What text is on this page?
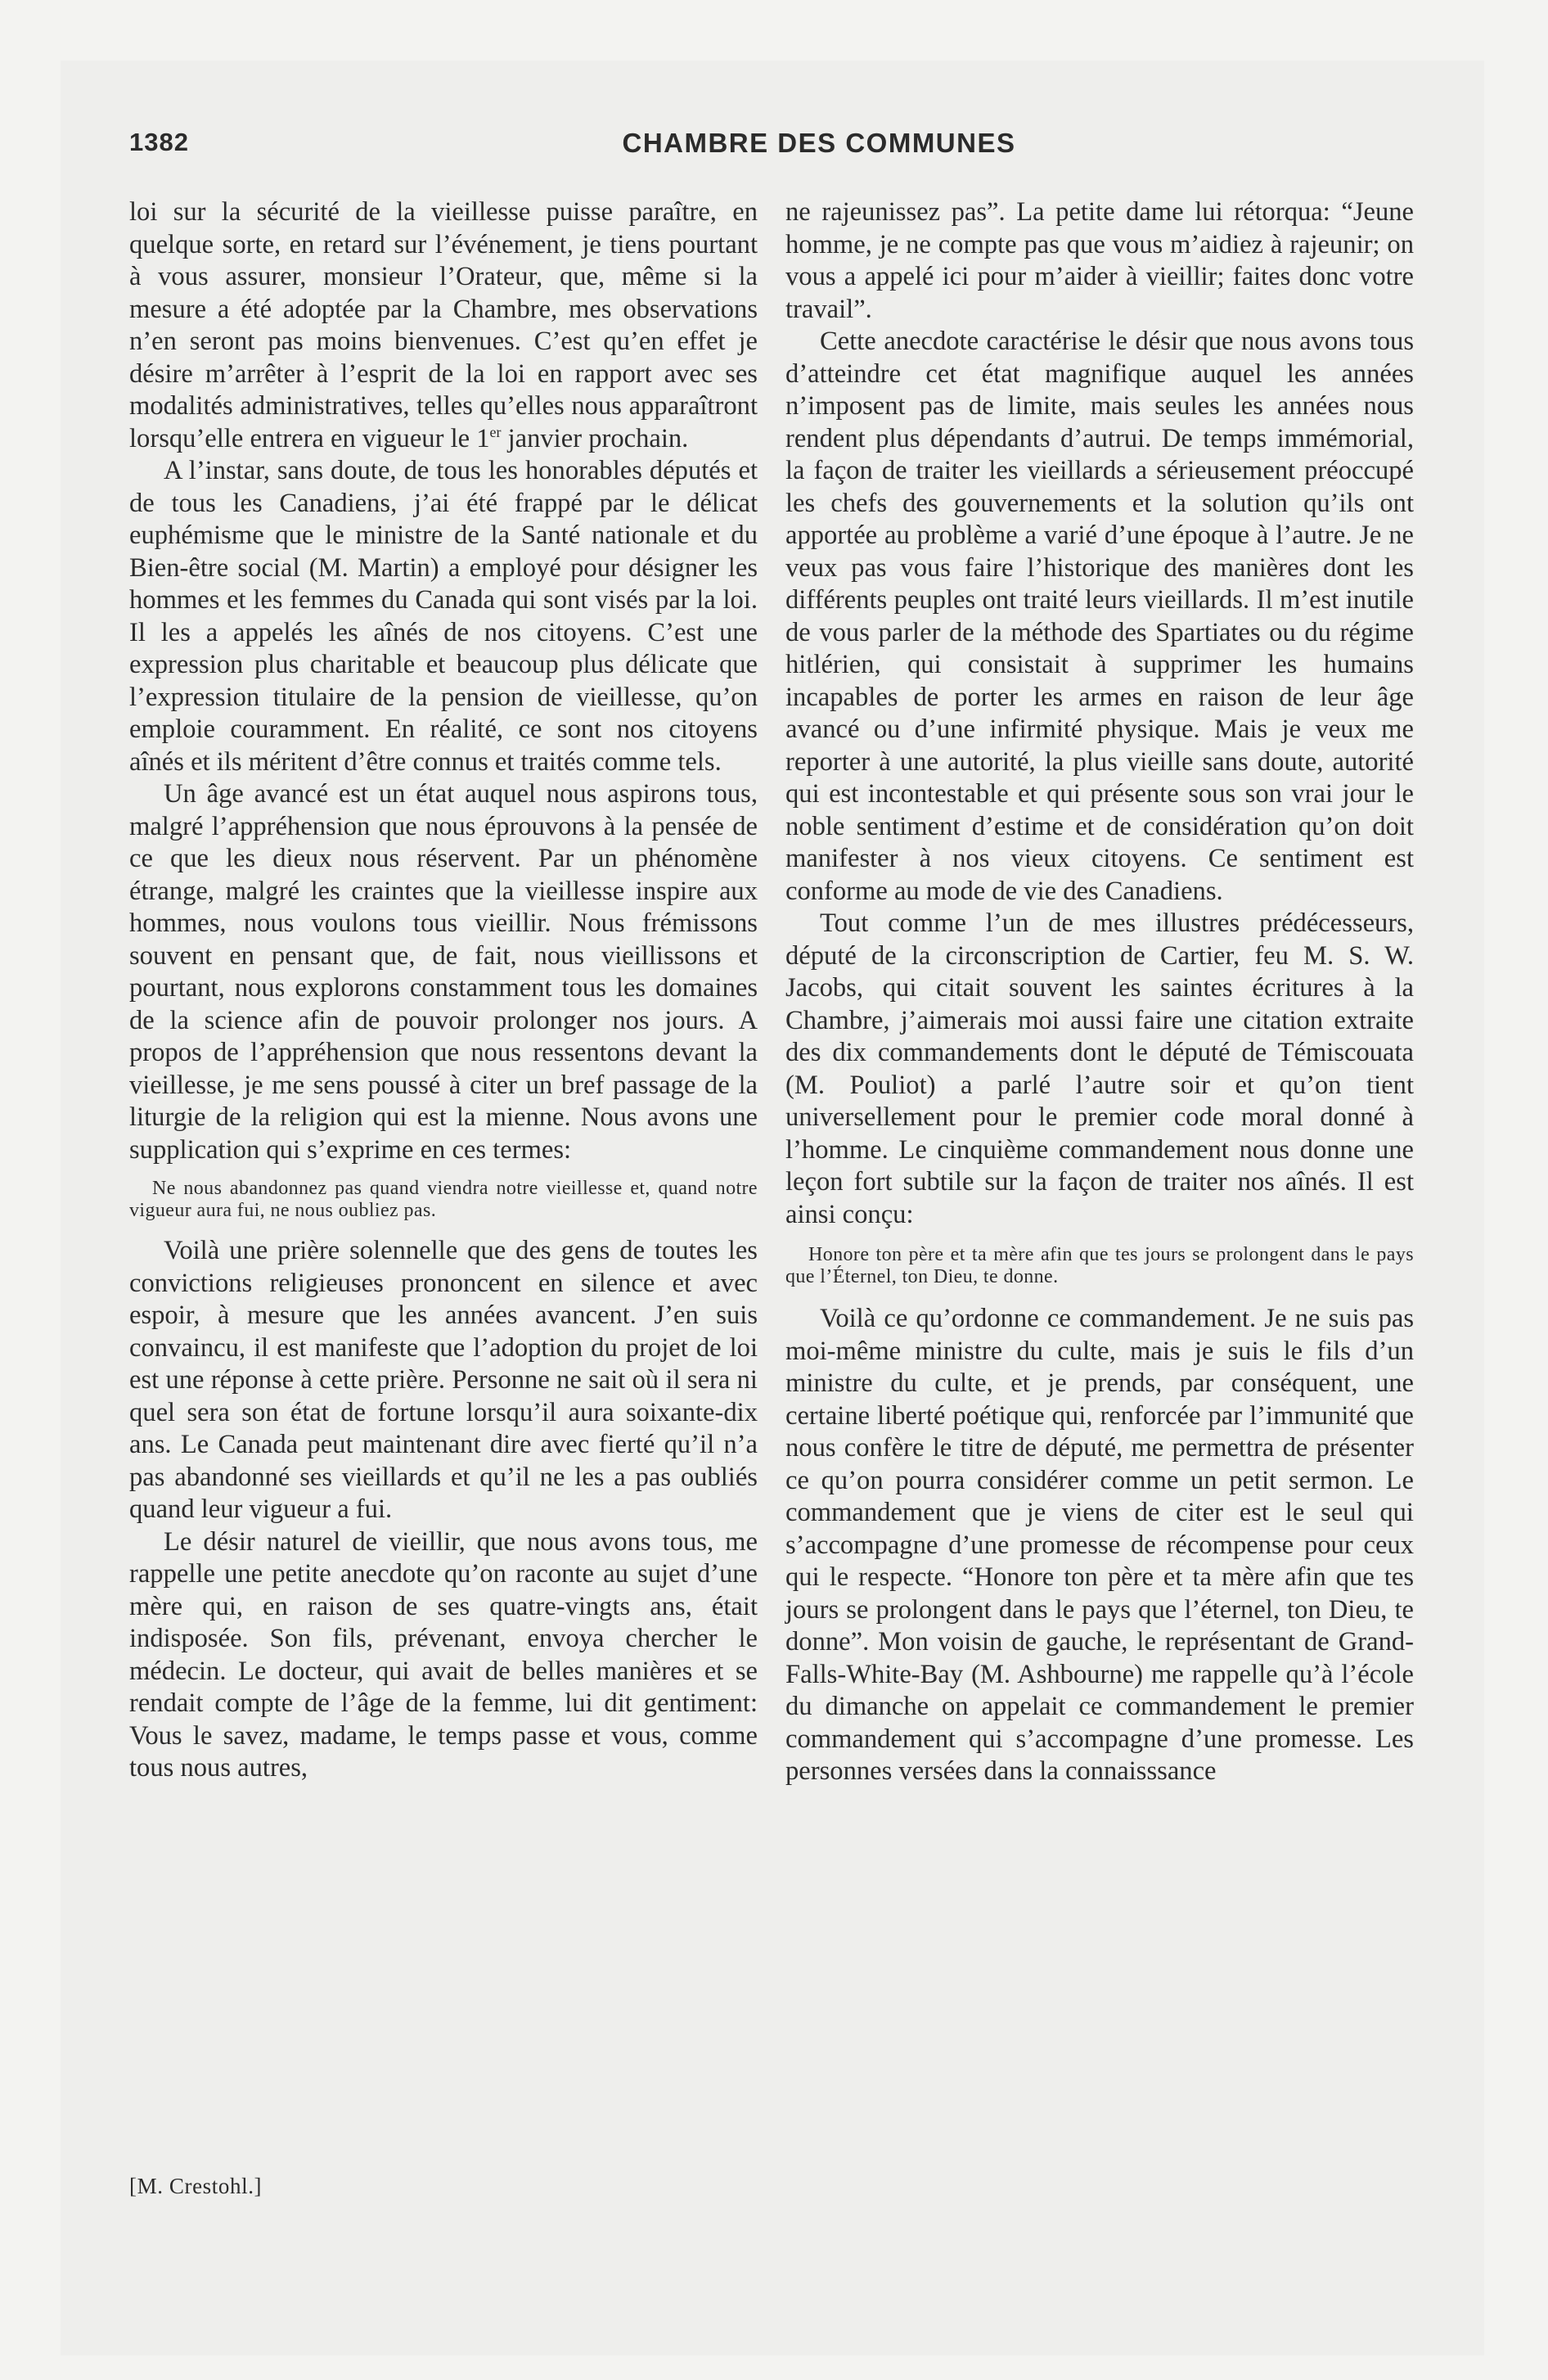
1382	CHAMBRE DES COMMUNES

loi sur la sécurité de la vieillesse puisse paraître, en quelque sorte, en retard sur l’événement, je tiens pourtant à vous assurer, monsieur l’Orateur, que, même si la mesure a été adoptée par la Chambre, mes observations n’en seront pas moins bienvenues. C’est qu’en effet je désire m’arrêter à l’esprit de la loi en rapport avec ses modalités administratives, telles qu’elles nous apparaîtront lorsqu’elle entrera en vigueur le 1er janvier prochain.

A l’instar, sans doute, de tous les honorables députés et de tous les Canadiens, j’ai été frappé par le délicat euphémisme que le ministre de la Santé nationale et du Bien-être social (M. Martin) a employé pour désigner les hommes et les femmes du Canada qui sont visés par la loi. Il les a appelés les aînés de nos citoyens. C’est une expression plus charitable et beaucoup plus délicate que l’expression titulaire de la pension de vieillesse, qu’on emploie couramment. En réalité, ce sont nos citoyens aînés et ils méritent d’être connus et traités comme tels.

Un âge avancé est un état auquel nous aspirons tous, malgré l’appréhension que nous éprouvons à la pensée de ce que les dieux nous réservent. Par un phénomène étrange, malgré les craintes que la vieillesse inspire aux hommes, nous voulons tous vieillir. Nous frémissons souvent en pensant que, de fait, nous vieillissons et pourtant, nous explorons constamment tous les domaines de la science afin de pouvoir prolonger nos jours. A propos de l’appréhension que nous ressentons devant la vieillesse, je me sens poussé à citer un bref passage de la liturgie de la religion qui est la mienne. Nous avons une supplication qui s’exprime en ces termes:

Ne nous abandonnez pas quand viendra notre vieillesse et, quand notre vigueur aura fui, ne nous oubliez pas.

Voilà une prière solennelle que des gens de toutes les convictions religieuses prononcent en silence et avec espoir, à mesure que les années avancent. J’en suis convaincu, il est manifeste que l’adoption du projet de loi est une réponse à cette prière. Personne ne sait où il sera ni quel sera son état de fortune lorsqu’il aura soixante-dix ans. Le Canada peut maintenant dire avec fierté qu’il n’a pas abandonné ses vieillards et qu’il ne les a pas oubliés quand leur vigueur a fui.

Le désir naturel de vieillir, que nous avons tous, me rappelle une petite anecdote qu’on raconte au sujet d’une mère qui, en raison de ses quatre-vingts ans, était indisposée. Son fils, prévenant, envoya chercher le médecin. Le docteur, qui avait de belles manières et se rendait compte de l’âge de la femme, lui dit gentiment: Vous le savez, madame, le temps passe et vous, comme tous nous autres,

ne rajeunissez pas”. La petite dame lui rétorqua: “Jeune homme, je ne compte pas que vous m’aidiez à rajeunir; on vous a appelé ici pour m’aider à vieillir; faites donc votre travail”.

Cette anecdote caractérise le désir que nous avons tous d’atteindre cet état magnifique auquel les années n’imposent pas de limite, mais seules les années nous rendent plus dépendants d’autrui. De temps immémorial, la façon de traiter les vieillards a sérieusement préoccupé les chefs des gouvernements et la solution qu’ils ont apportée au problème a varié d’une époque à l’autre. Je ne veux pas vous faire l’historique des manières dont les différents peuples ont traité leurs vieillards. Il m’est inutile de vous parler de la méthode des Spartiates ou du régime hitlérien, qui consistait à supprimer les humains incapables de porter les armes en raison de leur âge avancé ou d’une infirmité physique. Mais je veux me reporter à une autorité, la plus vieille sans doute, autorité qui est incontestable et qui présente sous son vrai jour le noble sentiment d’estime et de considération qu’on doit manifester à nos vieux citoyens. Ce sentiment est conforme au mode de vie des Canadiens.

Tout comme l’un de mes illustres prédécesseurs, député de la circonscription de Cartier, feu M. S. W. Jacobs, qui citait souvent les saintes écritures à la Chambre, j’aimerais moi aussi faire une citation extraite des dix commandements dont le député de Témiscouata (M. Pouliot) a parlé l’autre soir et qu’on tient universellement pour le premier code moral donné à l’homme. Le cinquième commandement nous donne une leçon fort subtile sur la façon de traiter nos aînés. Il est ainsi conçu:

Honore ton père et ta mère afin que tes jours se prolongent dans le pays que l’Éternel, ton Dieu, te donne.

Voilà ce qu’ordonne ce commandement. Je ne suis pas moi-même ministre du culte, mais je suis le fils d’un ministre du culte, et je prends, par conséquent, une certaine liberté poétique qui, renforcée par l’immunité que nous confère le titre de député, me permettra de présenter ce qu’on pourra considérer comme un petit sermon. Le commandement que je viens de citer est le seul qui s’accompagne d’une promesse de récompense pour ceux qui le respecte. “Honore ton père et ta mère afin que tes jours se prolongent dans le pays que l’éternel, ton Dieu, te donne”. Mon voisin de gauche, le représentant de Grand-Falls-White-Bay (M. Ashbourne) me rappelle qu’à l’école du dimanche on appelait ce commandement le premier commandement qui s’accompagne d’une promesse. Les personnes versées dans la connaisssance

[M. Crestohl.]
